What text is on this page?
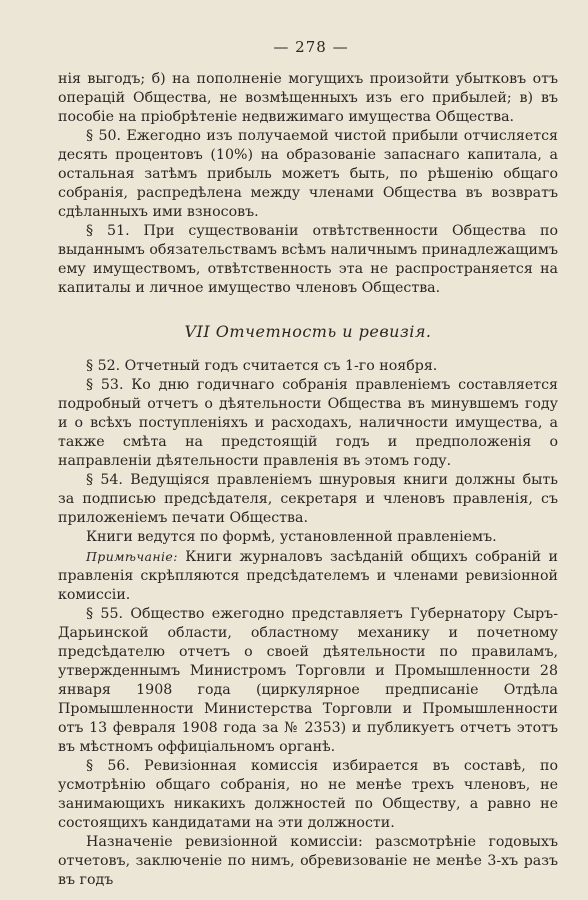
— 278 —

нія выгодъ; б) на пополненіе могущихъ произойти убытковъ отъ операцій Общества, не возмѣщенныхъ изъ его прибылей; в) въ пособіе на пріобрѣтеніе недвижимаго имущества Общества.

§ 50. Ежегодно изъ получаемой чистой прибыли отчисляется десять процентовъ (10%) на образованіе запаснаго капитала, а остальная затѣмъ прибыль можетъ быть, по рѣшенію общаго собранія, распредѣлена между членами Общества въ возвратъ сдѣланныхъ ими взносовъ.

§ 51. При существованіи отвѣтственности Общества по выданнымъ обязательствамъ всѣмъ наличнымъ принадлежащимъ ему имуществомъ, отвѣтственность эта не распространяется на капиталы и личное имущество членовъ Общества.

VII Отчетность и ревизія.

§ 52. Отчетный годъ считается съ 1-го ноября.

§ 53. Ко дню годичнаго собранія правленіемъ составляется подробный отчетъ о дѣятельности Общества въ минувшемъ году и о всѣхъ поступленіяхъ и расходахъ, наличности имущества, а также смѣта на предстоящій годъ и предположенія о направленіи дѣятельности правленія въ этомъ году.

§ 54. Ведущіяся правленіемъ шнуровыя книги должны быть за подписью предсѣдателя, секретаря и членовъ правленія, съ приложеніемъ печати Общества.

Книги ведутся по формѣ, установленной правленіемъ.

Примѣчаніе: Книги журналовъ засѣданій общихъ собраній и правленія скрѣпляются предсѣдателемъ и членами ревизіонной комиссіи.

§ 55. Общество ежегодно представляетъ Губернатору Сыръ-Дарьинской области, областному механику и почетному предсѣдателю отчетъ о своей дѣятельности по правиламъ, утвержденнымъ Министромъ Торговли и Промышленности 28 января 1908 года (циркулярное предписаніе Отдѣла Промышленности Министерства Торговли и Промышленности отъ 13 февраля 1908 года за № 2353) и публикуетъ отчетъ этотъ въ мѣстномъ оффиціальномъ органѣ.

§ 56. Ревизіонная комиссія избирается въ составѣ, по усмотрѣнію общаго собранія, но не менѣе трехъ членовъ, не занимающихъ никакихъ должностей по Обществу, а равно не состоящихъ кандидатами на эти должности.

Назначеніе ревизіонной комиссіи: разсмотрѣніе годовыхъ отчетовъ, заключеніе по нимъ, обревизованіе не менѣе 3-хъ разъ въ годъ
